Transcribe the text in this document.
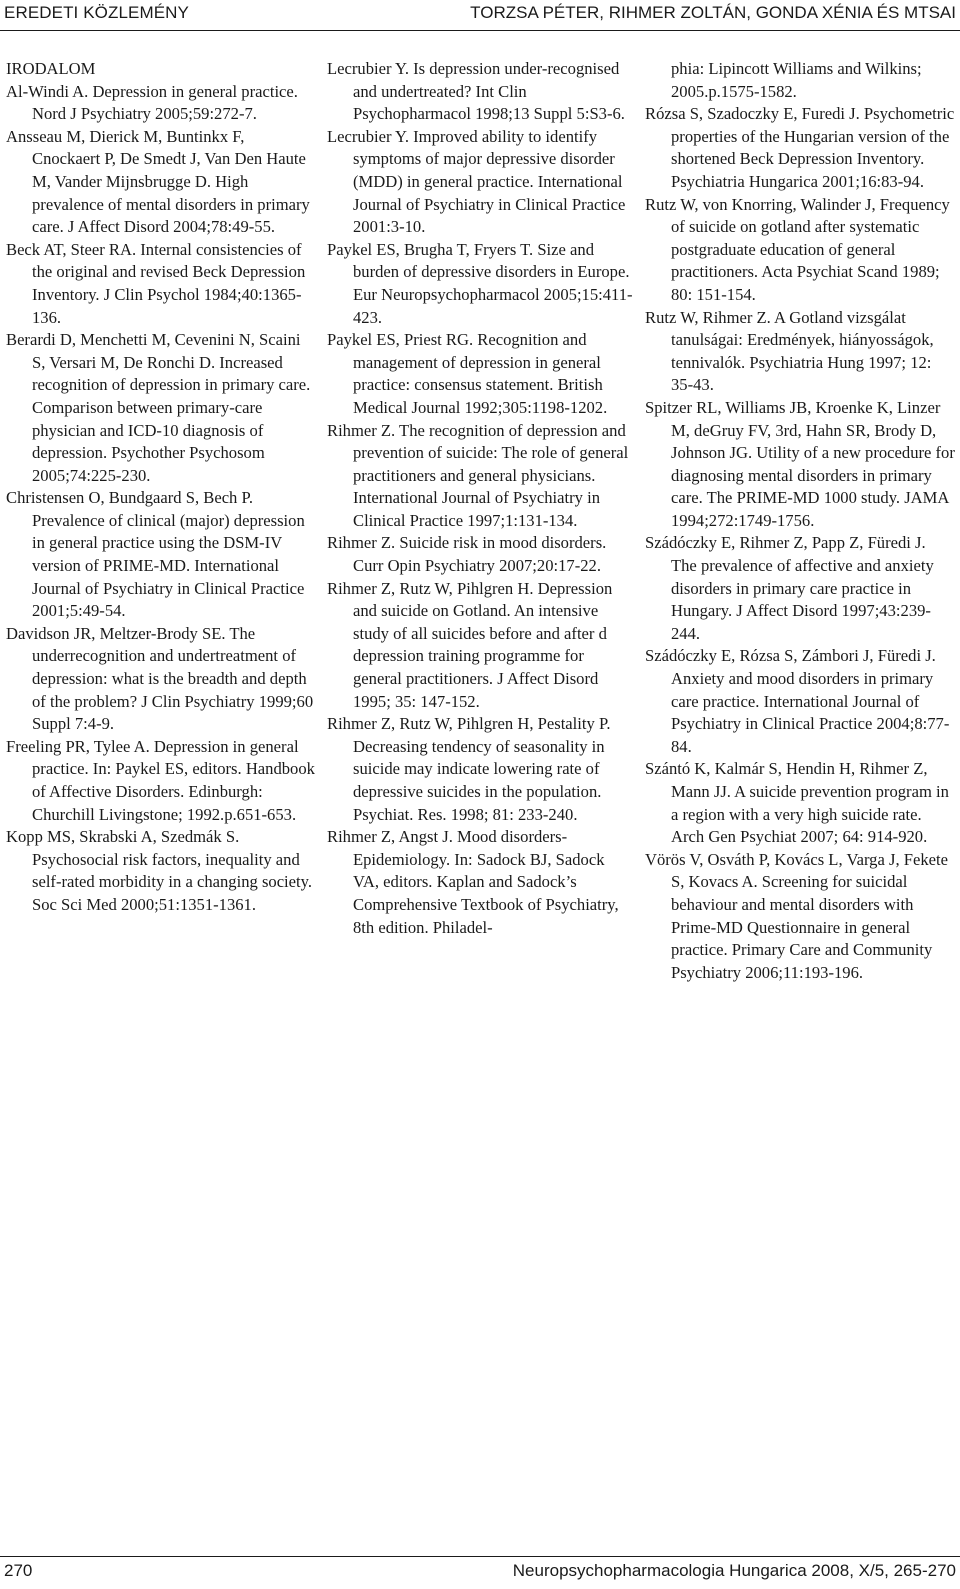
EREDETI KÖZLEMÉNY	TORZSA PÉTER, RIHMER ZOLTÁN, GONDA XÉNIA ÉS MTSAI
IRODALOM

Al-Windi A. Depression in general practice. Nord J Psychiatry 2005;59:272-7.

Ansseau M, Dierick M, Buntinkx F, Cnockaert P, De Smedt J, Van Den Haute M, Vander Mijnsbrugge D. High prevalence of mental disorders in primary care. J Affect Disord 2004;78:49-55.

Beck AT, Steer RA. Internal consistencies of the original and revised Beck Depression Inventory. J Clin Psychol 1984;40:1365-136.

Berardi D, Menchetti M, Cevenini N, Scaini S, Versari M, De Ronchi D. Increased recognition of depression in primary care. Comparison between primary-care physician and ICD-10 diagnosis of depression. Psychother Psychosom 2005;74:225-230.

Christensen O, Bundgaard S, Bech P. Prevalence of clinical (major) depression in general practice using the DSM-IV version of PRIME-MD. International Journal of Psychiatry in Clinical Practice 2001;5:49-54.

Davidson JR, Meltzer-Brody SE. The underrecognition and undertreatment of depression: what is the breadth and depth of the problem? J Clin Psychiatry 1999;60 Suppl 7:4-9.

Freeling PR, Tylee A. Depression in general practice. In: Paykel ES, editors. Handbook of Affective Disorders. Edinburgh: Churchill Livingstone; 1992.p.651-653.

Kopp MS, Skrabski A, Szedmák S. Psychosocial risk factors, inequality and self-rated morbidity in a changing society. Soc Sci Med 2000;51:1351-1361.

Lecrubier Y. Is depression under-recognised and undertreated? Int Clin Psychopharmacol 1998;13 Suppl 5:S3-6.

Lecrubier Y. Improved ability to identify symptoms of major depressive disorder (MDD) in general practice. International Journal of Psychiatry in Clinical Practice 2001:3-10.

Paykel ES, Brugha T, Fryers T. Size and burden of depressive disorders in Europe. Eur Neuropsychopharmacol 2005;15:411-423.

Paykel ES, Priest RG. Recognition and management of depression in general practice: consensus statement. British Medical Journal 1992;305:1198-1202.

Rihmer Z. The recognition of depression and prevention of suicide: The role of general practitioners and general physicians. International Journal of Psychiatry in Clinical Practice 1997;1:131-134.

Rihmer Z. Suicide risk in mood disorders. Curr Opin Psychiatry 2007;20:17-22.

Rihmer Z, Rutz W, Pihlgren H. Depression and suicide on Gotland. An intensive study of all suicides before and after d depression training programme for general practitioners. J Affect Disord 1995; 35: 147-152.

Rihmer Z, Rutz W, Pihlgren H, Pestality P. Decreasing tendency of seasonality in suicide may indicate lowering rate of depressive suicides in the population. Psychiat. Res. 1998; 81: 233-240.

Rihmer Z, Angst J. Mood disorders-Epidemiology. In: Sadock BJ, Sadock VA, editors. Kaplan and Sadock’s Comprehensive Textbook of Psychiatry, 8th edition. Philadel-

phia: Lipincott Williams and Wilkins; 2005.p.1575-1582.

Rózsa S, Szadoczky E, Furedi J. Psychometric properties of the Hungarian version of the shortened Beck Depression Inventory. Psychiatria Hungarica 2001;16:83-94.

Rutz W, von Knorring, Walinder J, Frequency of suicide on gotland after systematic postgraduate education of general practitioners. Acta Psychiat Scand 1989; 80: 151-154.

Rutz W, Rihmer Z. A Gotland vizsgálat tanulságai: Eredmények, hiányosságok, tennivalók. Psychiatria Hung 1997; 12: 35-43.

Spitzer RL, Williams JB, Kroenke K, Linzer M, deGruy FV, 3rd, Hahn SR, Brody D, Johnson JG. Utility of a new procedure for diagnosing mental disorders in primary care. The PRIME-MD 1000 study. JAMA 1994;272:1749-1756.

Szádóczky E, Rihmer Z, Papp Z, Füredi J. The prevalence of affective and anxiety disorders in primary care practice in Hungary. J Affect Disord 1997;43:239-244.

Szádóczky E, Rózsa S, Zámbori J, Füredi J. Anxiety and mood disorders in primary care practice. International Journal of Psychiatry in Clinical Practice 2004;8:77-84.

Szántó K, Kalmár S, Hendin H, Rihmer Z, Mann JJ. A suicide prevention program in a region with a very high suicide rate. Arch Gen Psychiat 2007; 64: 914-920.

Vörös V, Osváth P, Kovács L, Varga J, Fekete S, Kovacs A. Screening for suicidal behaviour and mental disorders with Prime-MD Questionnaire in general practice. Primary Care and Community Psychiatry 2006;11:193-196.

270	Neuropsychopharmacologia Hungarica 2008, X/5, 265-270
